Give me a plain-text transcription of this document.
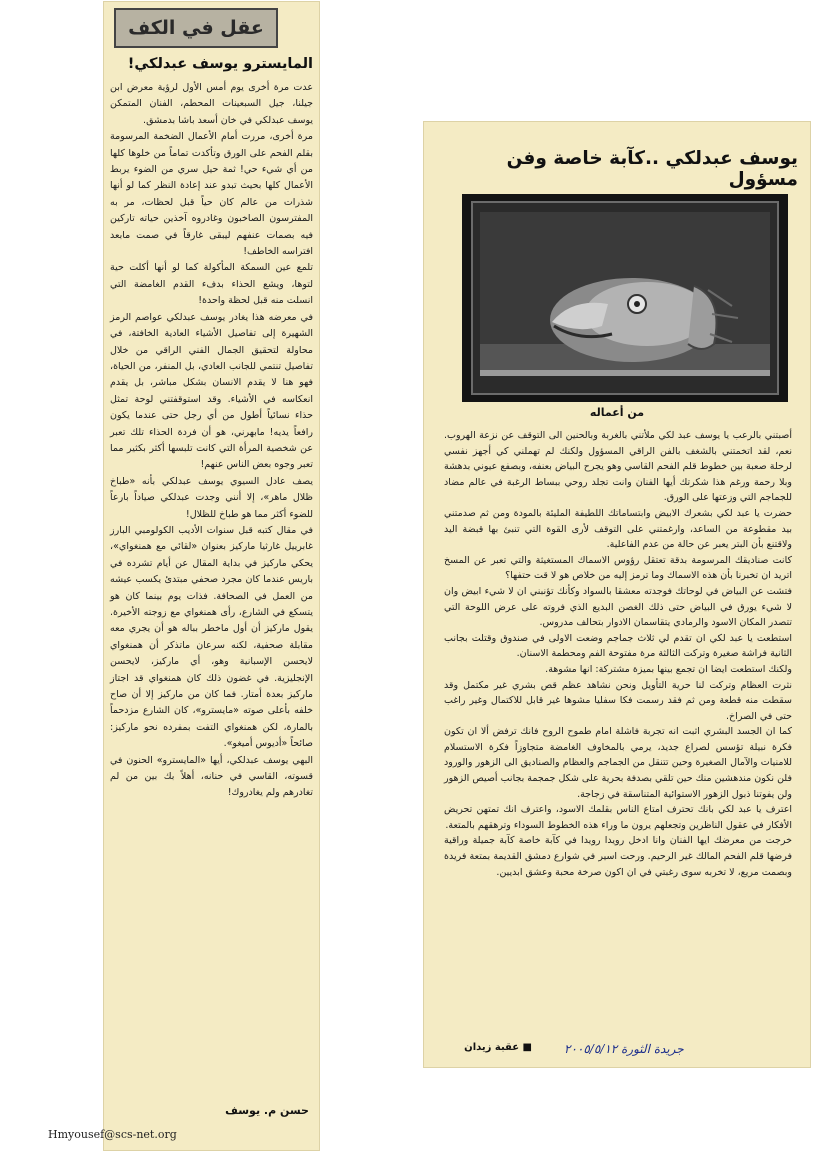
عقل في الكف
المايسترو يوسف عبدلكي!

عدت مرة أخرى يوم أمس الأول لرؤية معرض ابن جيلنا، جيل السبعينات المحطم، الفنان المتمكن يوسف عبدلكي في خان أسعد باشا بدمشق.

مرة أخرى، مررت أمام الأعمال الضخمة المرسومة بقلم الفحم على الورق وتأكدت تماماً من خلوها كلها من أي شيء حي! ثمة حيل سري من الضوء يربط الأعمال كلها بحيث تبدو عند إعادة النظر كما لو أنها شذرات من عالم كان حياً قبل لحظات، مر به المفترسون الصاخبون وغادروه آخذين حياته تاركين فيه بصمات عنفهم ليبقى غارقاً في صمت مابعد افتراسه الخاطف!

تلمع عين السمكة المأكولة كما لو أنها أكلت حية لتوها، ويشع الحذاء بدفء القدم الغامضة التي انسلت منه قبل لحظة واحدة!

في معرضه هذا يغادر يوسف عبدلكي عواصم الرمز الشهيرة إلى تفاصيل الأشياء العادية الخافتة، في محاولة لتحقيق الجمال الفني الراقي من خلال تفاصيل تنتمي للجانب العادي، بل المنفر، من الحياة، فهو هنا لا يقدم الانسان بشكل مباشر، بل يقدم انعكاسه في الأشياء. وقد استوقفتني لوحة تمثل حذاء نسائياً أطول من أي رجل حتى عندما يكون رافعاً يديه! مابهرني، هو أن فردة الحذاء تلك تعبر عن شخصية المرأة التي كانت تلبسها أكثر بكثير مما تعبر وجوه بعض الناس عنهم!

يصف عادل السيوي يوسف عبدلكي بأنه «طباخ ظلال ماهر»، إلا أنني وجدت عبدلكي صياداً بارعاً للضوء أكثر مما هو طباخ للظلال!

في مقال كتبه قبل سنوات الأديب الكولومبي البارز غابرييل غارثيا ماركيز بعنوان «لقائي مع همنغواي»، يحكي ماركيز في بداية المقال عن أيام تشرده في باريس عندما كان مجرد صحفي مبتدئ يكسب عيشه من العمل في الصحافة. فذات يوم بينما كان هو يتسكع في الشارع، رأى همنغواي مع زوجته الأخيرة. يقول ماركيز أن أول ماخطر بباله هو أن يجري معه مقابلة صحفية، لكنه سرعان ماتذكر أن همنغواي لايحسن الإسبانية وهو، أي ماركيز، لايحسن الإنجليزية. في غضون ذلك كان همنغواي قد اجتاز ماركيز بعدة أمتار. فما كان من ماركيز إلا أن صاح خلفه بأعلى صوته «مايسترو»، كان الشارع مزدحماً بالمارة، لكن همنغواي التفت بمفرده نحو ماركيز: صائحاً «أديوس أميغو».

البهي يوسف عبدلكي، أيها «المايسترو» الحنون في قسوته، القاسي في حنانه، أهلاً بك بين من لم تغادرهم ولم يغادروك!

حسن م. يوسف
Hmyousef@scs-net.org
يوسف عبدلكي ..كآبة خاصة وفن مسؤول
من أعماله

أصبتني بالرعب يا يوسف عبد لكي ملأتني بالغربة وبالحنين الى التوقف عن نزعة الهروب. نعم، لقد اتخمتني بالشغف بالفن الراقي المسؤول ولكنك لم تهملني كي أجهز نفسي لرحلة صعبة بين خطوط قلم الفحم القاسي وهو يجرح البياض بعنفه، وبصفع عيوني بدهشة وبلا رحمة ورغم هذا شكرتك أيها الفنان وانت تجلد روحي ببساط الرغبة في عالم مضاد للجماجم التي وزعتها على الورق.

حضرت يا عبد لكي بشعرك الابيض وابتساماتك اللطيفة المليئة بالمودة ومن ثم صدمتني بيد مقطوعة من الساعد، وارغمتني على التوقف لأرى القوة التي تنبئ بها قبضة اليد ولاقتنع بأن البتر يعبر عن حالة من عدم الفاعلية.

كانت صناديقك المرسومة بدقة تعتقل رؤوس الاسماك المستغيثة والتي تعبر عن المسخ اتريد ان تخبرنا بأن هذه الاسماك وما ترمز إليه من خلاص هو لا قت حتفها؟

فتشت عن البياض في لوحاتك فوجدته معشقا بالسواد وكأنك تؤنبني ان لا شيء ابيض وان لا شيء يورق في البياض حتى ذلك الغصن البديع الذي فروته على عرض اللوحة التي تتصدر المكان الاسود والرمادي يتقاسمان الادوار بتحالف مدروس.

استطعت يا عبد لكي ان تقدم لي ثلاث جماجم وضعت الاولى في صندوق وقتلت بجانب الثانية فراشة صغيرة وتركت الثالثة مرة مفتوحة الفم ومحطمة الاسنان.

ولكنك استطعت ايضا ان تجمع بينها بميزة مشتركة: انها مشوهة.

نثرت العظام وتركت لنا حرية التأويل ونحن نشاهد عظم قص بشري غير مكتمل وقد سقطت منه قطعة ومن ثم فقد رسمت فكا سفليا مشوها غير قابل للاكتمال وغير راغب حتى في الصراخ.

كما ان الجسد البشري اثبت انه تجربة فاشلة امام طموح الروح فانك ترفض ألا ان تكون فكرة نبيلة تؤسس لصراع جديد، يرمي بالمخاوف الغامضة متجاوزاً فكرة الاستسلام للامنيات والآمال الصغيرة وحين تتنقل من الجماجم والعظام والصناديق الى الزهور والورود فلن نكون مندهشين منك حين تلقي بصدفة بحرية على شكل جمجمة بجانب أصيص الزهور ولن يفوتنا ذبول الزهور الاستوائية المتناسقة في زجاجة.

اعترف يا عبد لكي بانك تحترف امتاع الناس بقلمك الاسود، واعترف انك تمتهن تحريض الأفكار في عقول الناظرين وتجعلهم يرون ما وراء هذه الخطوط السوداء وترهقهم بالمتعة.

خرجت من معرضك ايها الفنان وانا ادخل رويدا رويدا في كآبة خاصة كآبة جميلة وراقية فرضها قلم الفحم المالك غير الرحيم. ورحت اسير في شوارع دمشق القديمة بمتعة فريدة وبصمت مريع، لا تخربه سوى رغبتي في ان اكون صرخة محبة وعشق ابديين.

■ عقبة زيدان	جريدة الثورة ٢٠٠٥/٥/١٢
